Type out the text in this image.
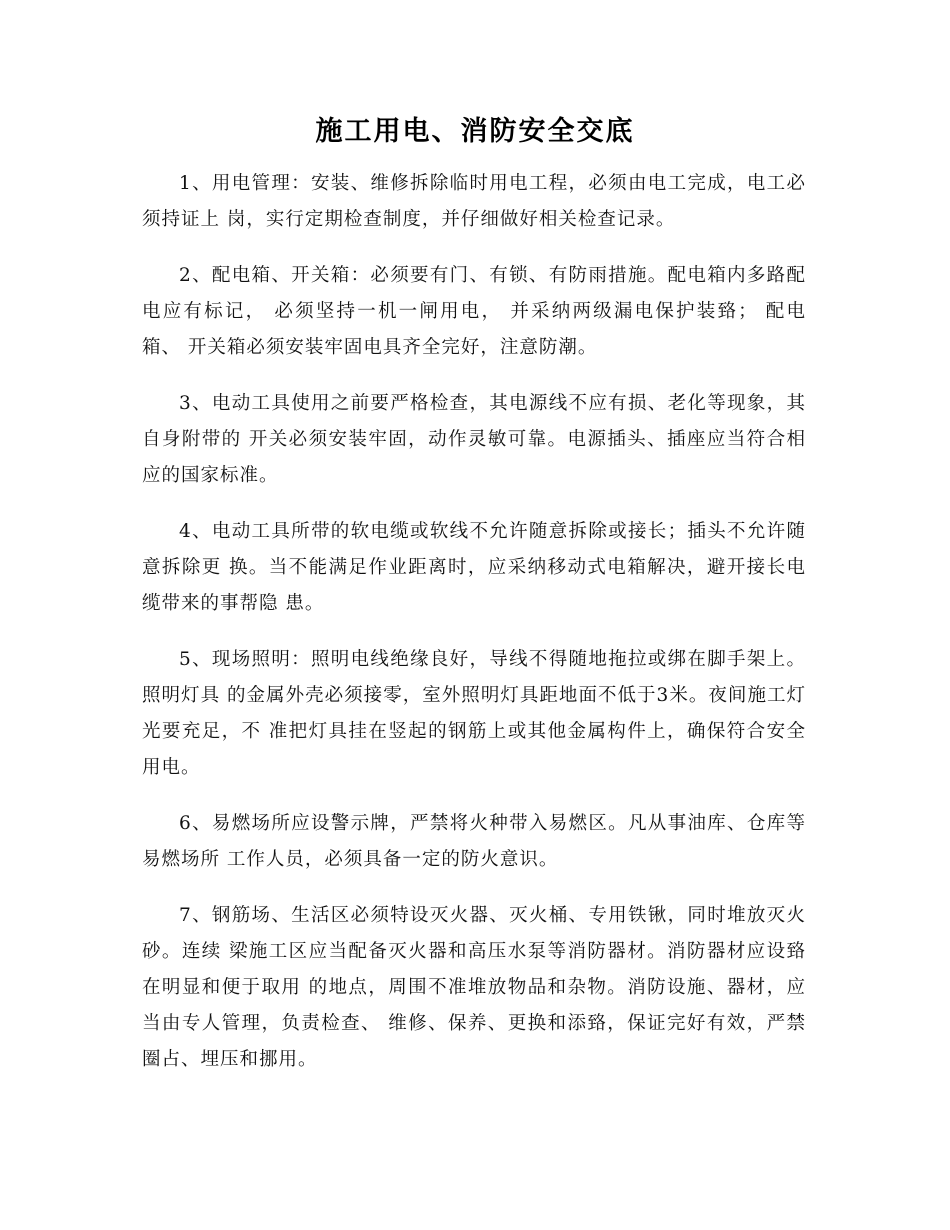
施工用电、消防安全交底

1、用电管理：安装、维修拆除临时用电工程，必须由电工完成，电工必须持证上 岗，实行定期检查制度，并仔细做好相关检查记录。

2、配电箱、开关箱：必须要有门、有锁、有防雨措施。配电箱内多路配电应有标记， 必须坚持一机一闸用电， 并采纳两级漏电保护装臵； 配电箱、 开关箱必须安装牢固电具齐全完好，注意防潮。

3、电动工具使用之前要严格检查，其电源线不应有损、老化等现象，其自身附带的 开关必须安装牢固，动作灵敏可靠。电源插头、插座应当符合相应的国家标准。

4、电动工具所带的软电缆或软线不允许随意拆除或接长；插头不允许随意拆除更 换。当不能满足作业距离时，应采纳移动式电箱解决，避开接长电缆带来的事帮隐 患。

5、现场照明：照明电线绝缘良好，导线不得随地拖拉或绑在脚手架上。照明灯具 的金属外壳必须接零，室外照明灯具距地面不低于3米。夜间施工灯光要充足，不 准把灯具挂在竖起的钢筋上或其他金属构件上，确保符合安全用电。

6、易燃场所应设警示牌，严禁将火种带入易燃区。凡从事油库、仓库等易燃场所 工作人员，必须具备一定的防火意识。

7、钢筋场、生活区必须特设灭火器、灭火桶、专用铁锹，同时堆放灭火砂。连续 梁施工区应当配备灭火器和高压水泵等消防器材。消防器材应设臵在明显和便于取用 的地点，周围不准堆放物品和杂物。消防设施、器材，应当由专人管理，负责检查、 维修、保养、更换和添臵，保证完好有效，严禁圈占、埋压和挪用。
